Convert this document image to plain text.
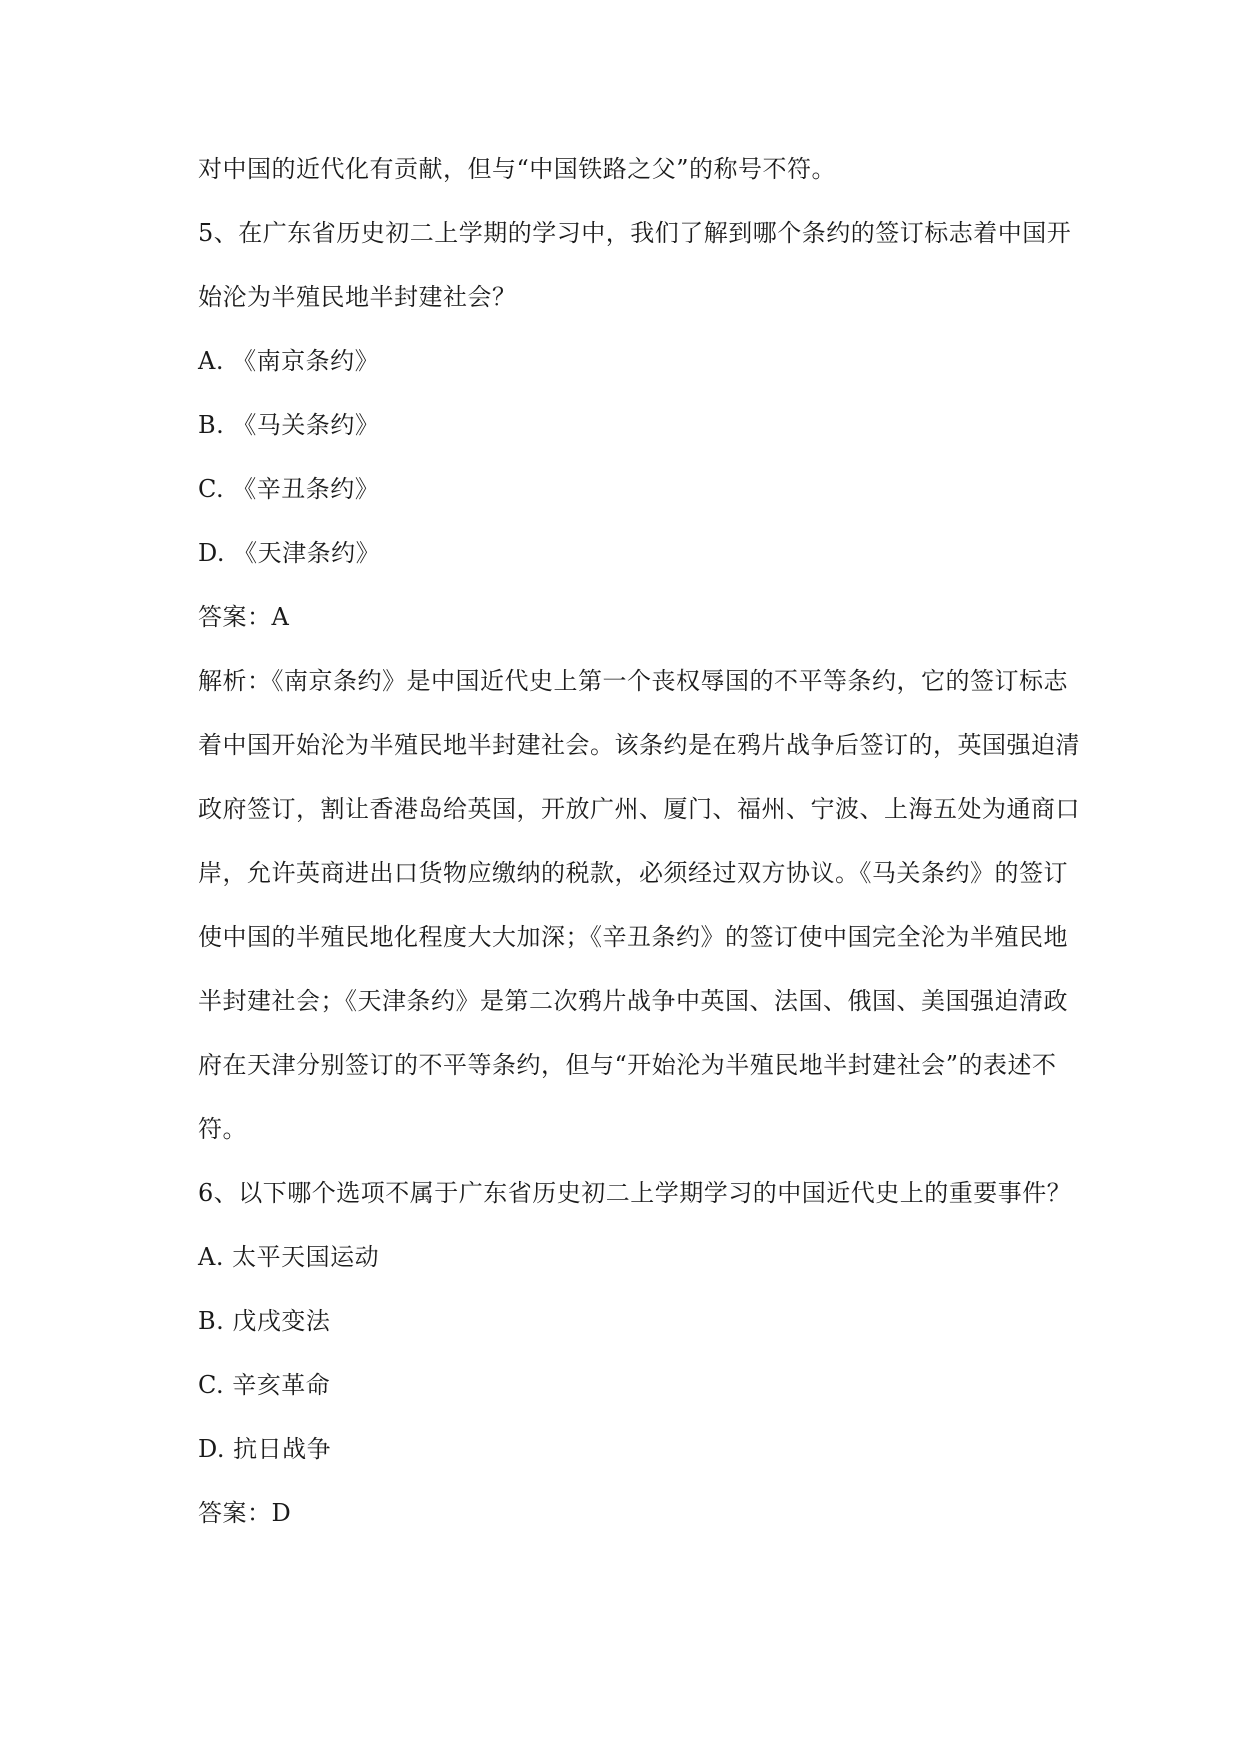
对中国的近代化有贡献，但与“中国铁路之父”的称号不符。
5、在广东省历史初二上学期的学习中，我们了解到哪个条约的签订标志着中国开
始沦为半殖民地半封建社会？
A. 《南京条约》
B. 《马关条约》
C. 《辛丑条约》
D. 《天津条约》
答案：A
解析：《南京条约》是中国近代史上第一个丧权辱国的不平等条约，它的签订标志
着中国开始沦为半殖民地半封建社会。该条约是在鸦片战争后签订的，英国强迫清
政府签订，割让香港岛给英国，开放广州、厦门、福州、宁波、上海五处为通商口
岸，允许英商进出口货物应缴纳的税款，必须经过双方协议。《马关条约》的签订
使中国的半殖民地化程度大大加深；《辛丑条约》的签订使中国完全沦为半殖民地
半封建社会；《天津条约》是第二次鸦片战争中英国、法国、俄国、美国强迫清政
府在天津分别签订的不平等条约，但与“开始沦为半殖民地半封建社会”的表述不
符。
6、以下哪个选项不属于广东省历史初二上学期学习的中国近代史上的重要事件？
A. 太平天国运动
B. 戊戌变法
C. 辛亥革命
D. 抗日战争
答案：D
